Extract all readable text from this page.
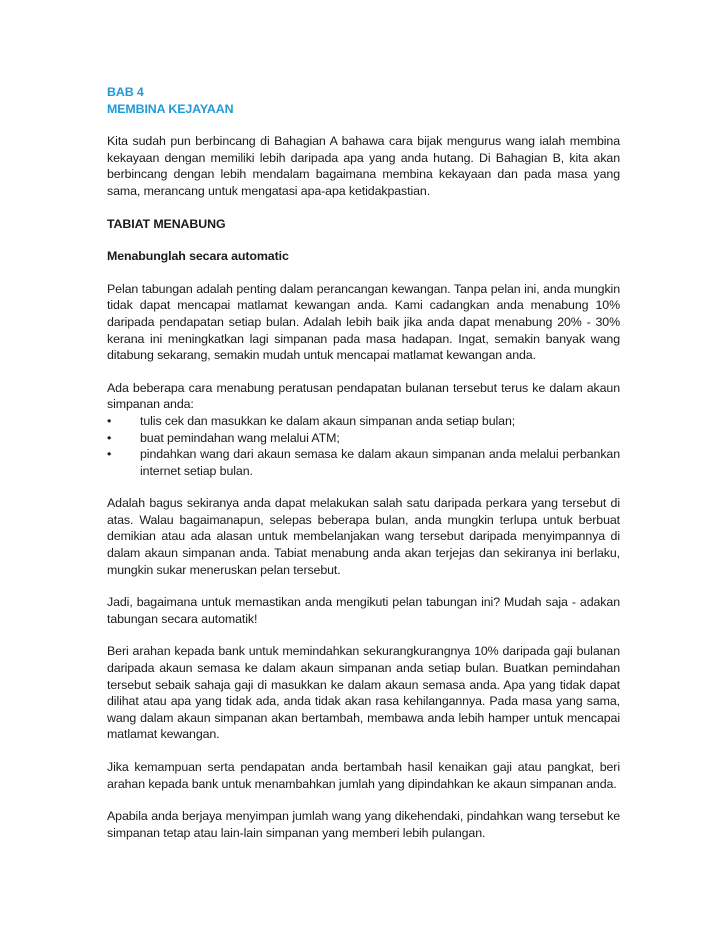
BAB 4
MEMBINA KEJAYAAN

Kita sudah pun berbincang di Bahagian A bahawa cara bijak mengurus wang ialah membina kekayaan dengan memiliki lebih daripada apa yang anda hutang. Di Bahagian B, kita akan berbincang dengan lebih mendalam bagaimana membina kekayaan dan pada masa yang sama, merancang untuk mengatasi apa-apa ketidakpastian.

TABIAT MENABUNG
Menabunglah secara automatic

Pelan tabungan adalah penting dalam perancangan kewangan. Tanpa pelan ini, anda mungkin tidak dapat mencapai matlamat kewangan anda. Kami cadangkan anda menabung 10% daripada pendapatan setiap bulan. Adalah lebih baik jika anda dapat menabung 20% - 30% kerana ini meningkatkan lagi simpanan pada masa hadapan. Ingat, semakin banyak wang ditabung sekarang, semakin mudah untuk mencapai matlamat kewangan anda.

Ada beberapa cara menabung peratusan pendapatan bulanan tersebut terus ke dalam akaun simpanan anda:

•	tulis cek dan masukkan ke dalam akaun simpanan anda setiap bulan;
•	buat pemindahan wang melalui ATM;
•	pindahkan wang dari akaun semasa ke dalam akaun simpanan anda melalui perbankan internet setiap bulan.

Adalah bagus sekiranya anda dapat melakukan salah satu daripada perkara yang tersebut di atas. Walau bagaimanapun, selepas beberapa bulan, anda mungkin terlupa untuk berbuat demikian atau ada alasan untuk membelanjakan wang tersebut daripada menyimpannya di dalam akaun simpanan anda. Tabiat menabung anda akan terjejas dan sekiranya ini berlaku, mungkin sukar meneruskan pelan tersebut.

Jadi, bagaimana untuk memastikan anda mengikuti pelan tabungan ini? Mudah saja - adakan tabungan secara automatik!

Beri arahan kepada bank untuk memindahkan sekurangkurangnya 10% daripada gaji bulanan daripada akaun semasa ke dalam akaun simpanan anda setiap bulan. Buatkan pemindahan tersebut sebaik sahaja gaji di masukkan ke dalam akaun semasa anda. Apa yang tidak dapat dilihat atau apa yang tidak ada, anda tidak akan rasa kehilangannya. Pada masa yang sama, wang dalam akaun simpanan akan bertambah, membawa anda lebih hamper untuk mencapai matlamat kewangan.

Jika kemampuan serta pendapatan anda bertambah hasil kenaikan gaji atau pangkat, beri arahan kepada bank untuk menambahkan jumlah yang dipindahkan ke akaun simpanan anda.

Apabila anda berjaya menyimpan jumlah wang yang dikehendaki, pindahkan wang tersebut ke simpanan tetap atau lain-lain simpanan yang memberi lebih pulangan.
